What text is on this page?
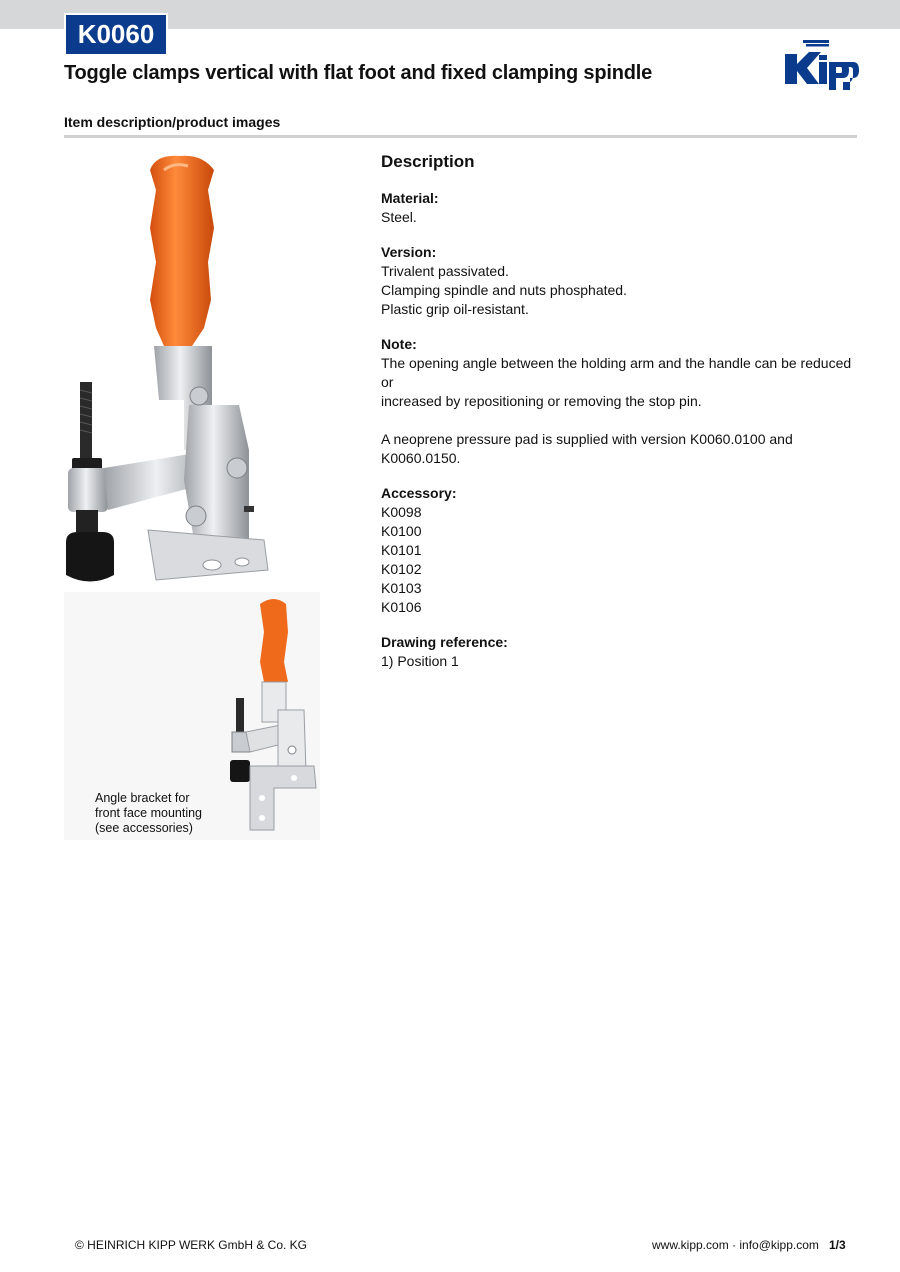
K0060
Toggle clamps vertical with flat foot and fixed clamping spindle
Item description/product images
Angle bracket for
front face mounting
(see accessories)
Description
Material:
Steel.
Version:
Trivalent passivated.
Clamping spindle and nuts phosphated.
Plastic grip oil-resistant.
Note:
The opening angle between the holding arm and the handle can be reduced or
increased by repositioning or removing the stop pin.
A neoprene pressure pad is supplied with version K0060.0100 and K0060.0150.
Accessory:
K0098
K0100
K0101
K0102
K0103
K0106
Drawing reference:
1) Position 1
© HEINRICH KIPP WERK GmbH & Co. KG	www.kipp.com · info@kipp.com 1/3
